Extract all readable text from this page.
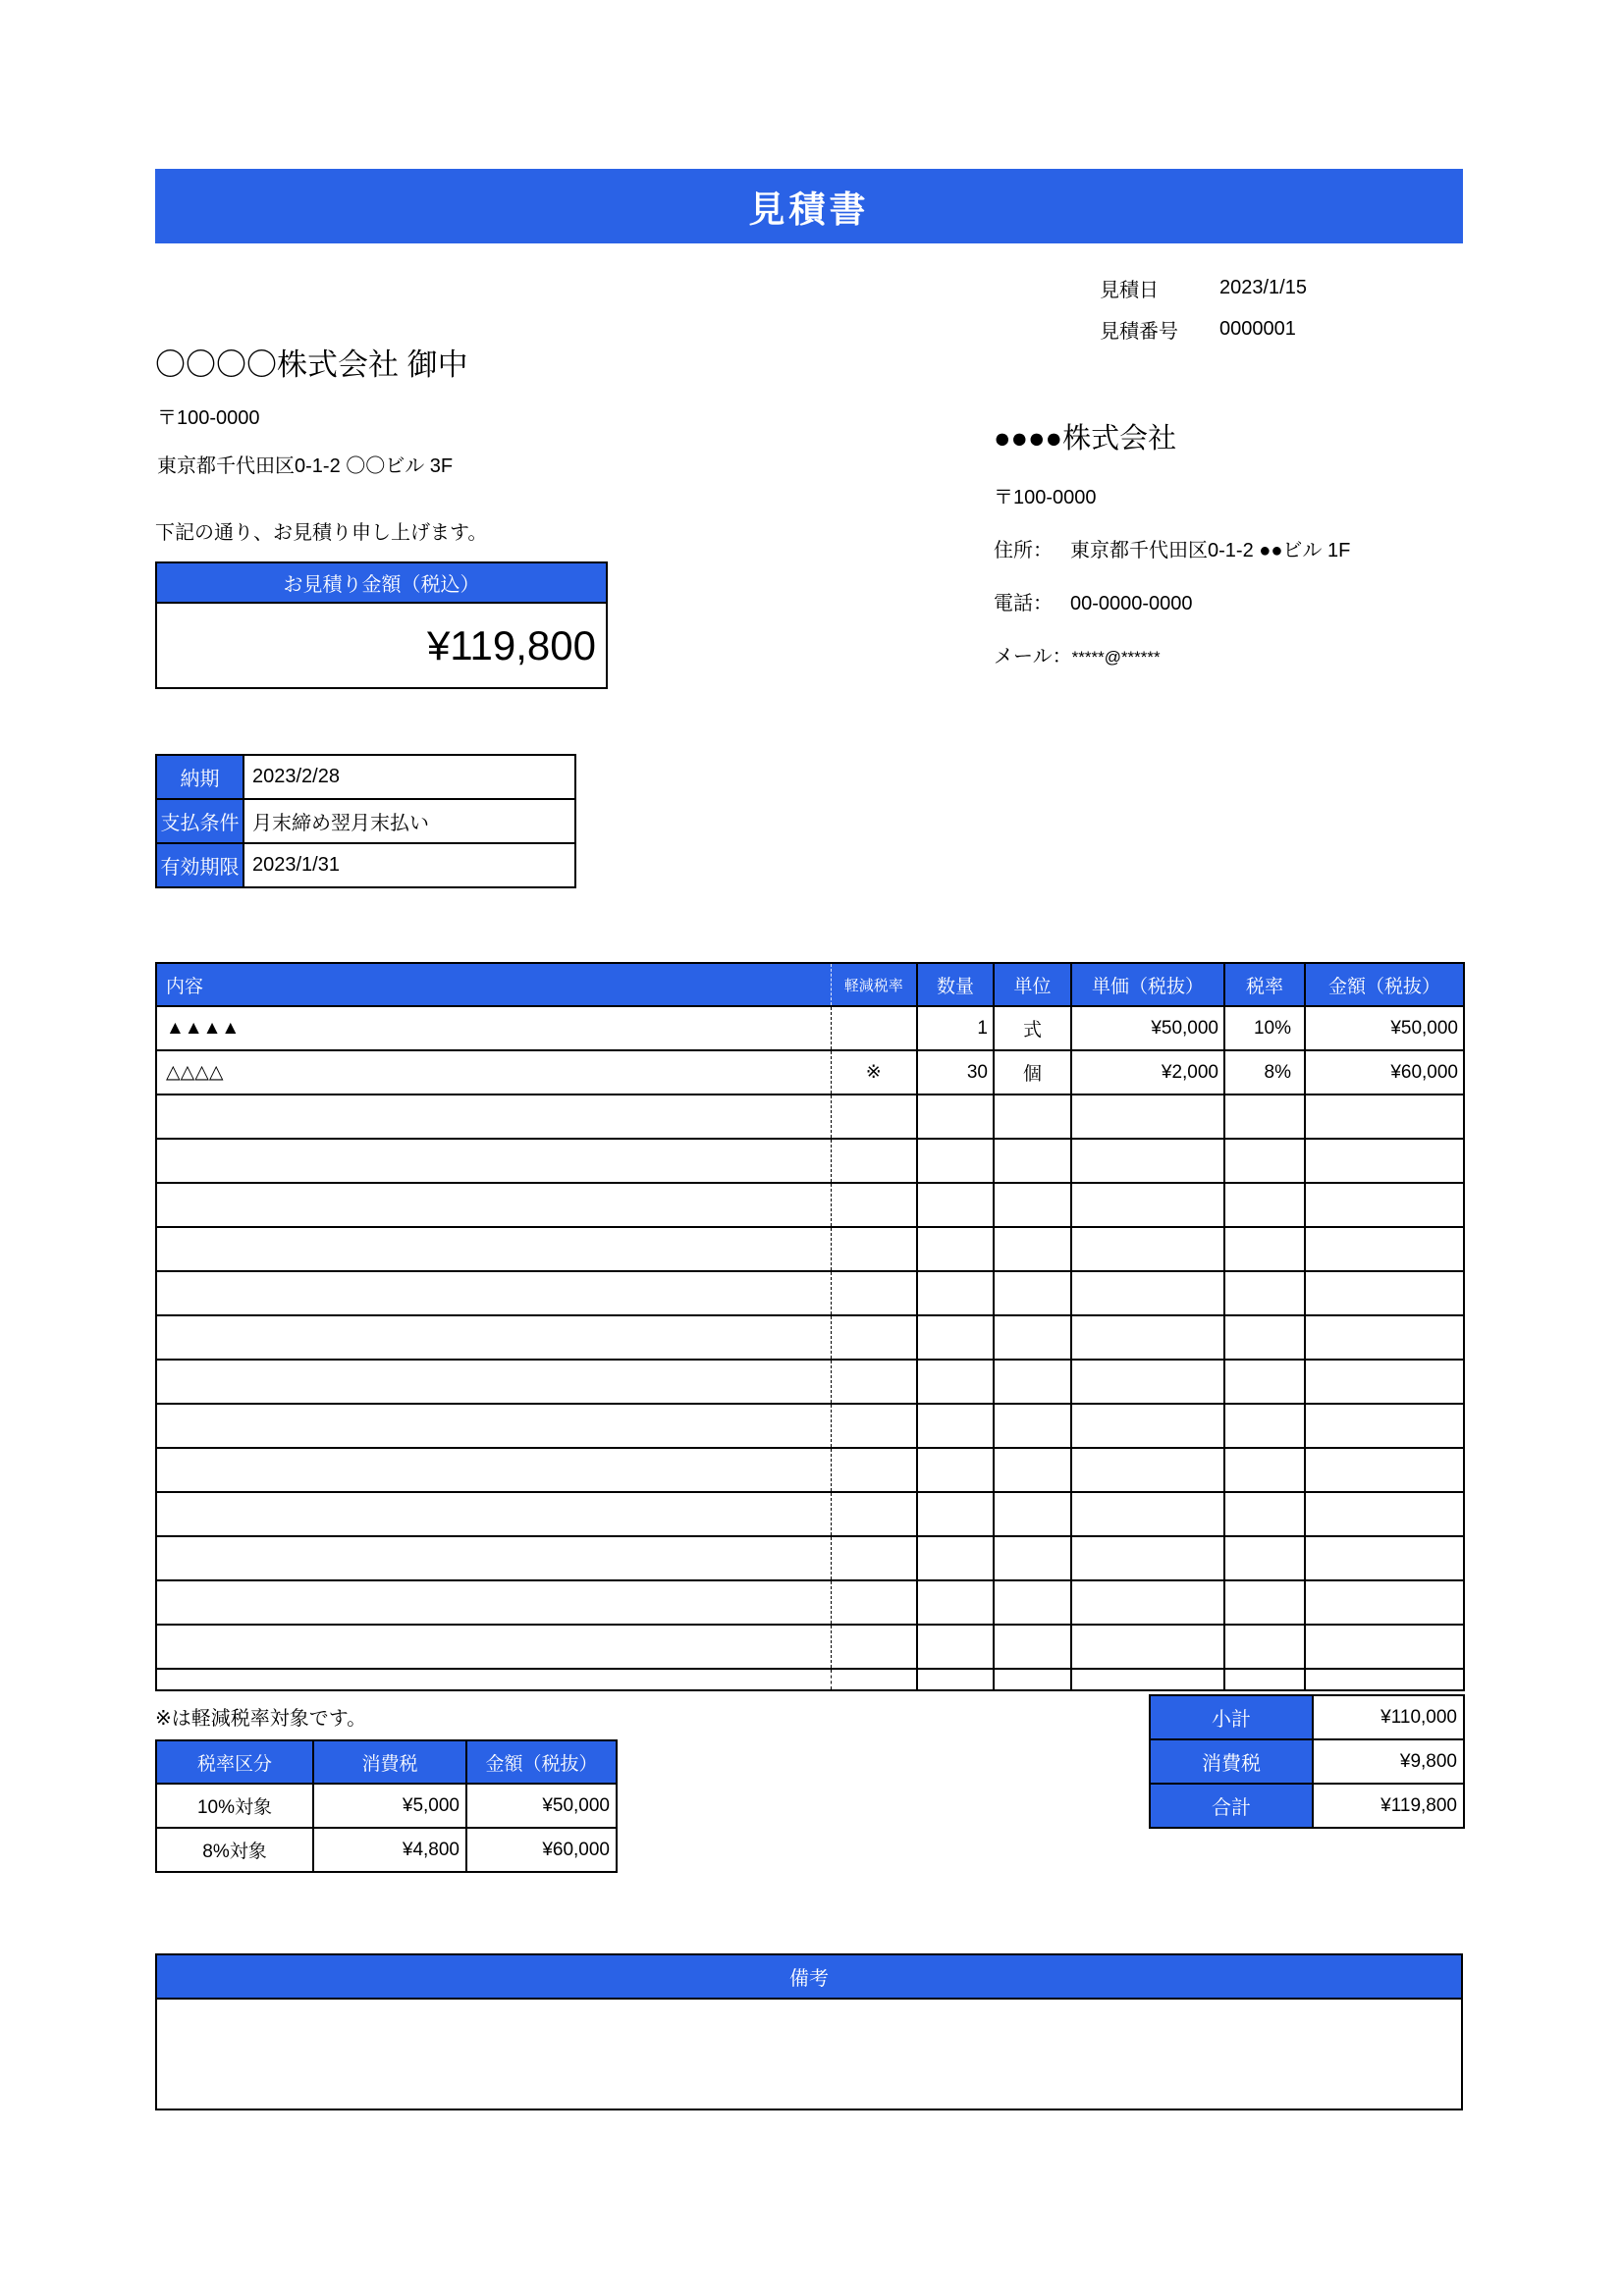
見積書
見積日	2023/1/15
見積番号	0000001
〇〇〇〇株式会社 御中
〒100-0000
東京都千代田区0-1-2 〇〇ビル 3F
●●●●株式会社
〒100-0000
住所： 東京都千代田区0-1-2 ●●ビル 1F
電話： 00-0000-0000
メール： *****@******
下記の通り、お見積り申し上げます。
お見積り金額（税込）
¥119,800
納期	2023/2/28
支払条件	月末締め翌月末払い
有効期限	2023/1/31
内容	軽減税率	数量	単位	単価（税抜）	税率	金額（税抜）
▲▲▲▲		1	式	¥50,000	10%	¥50,000
△△△△	※	30	個	¥2,000	8%	¥60,000

※は軽減税率対象です。	小計	¥110,000
消費税	¥9,800
合計	¥119,800
税率区分	消費税	金額（税抜）
10%対象	¥5,000	¥50,000
8%対象	¥4,800	¥60,000
備考
